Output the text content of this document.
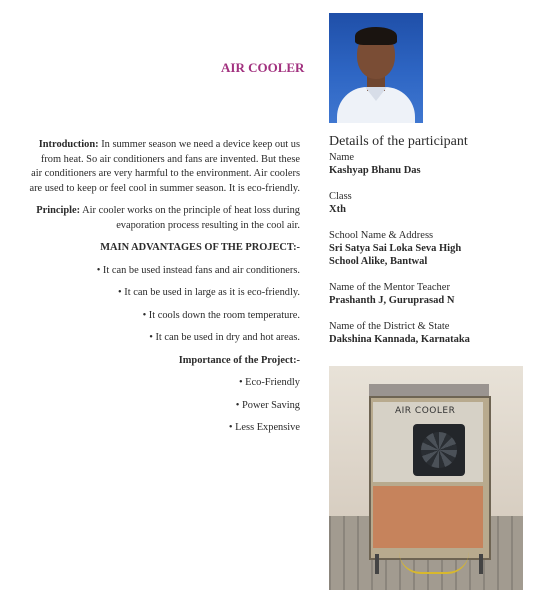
AIR COOLER

Introduction: In summer season we need a device keep out us from heat. So air conditioners and fans are invented. But these air conditioners are very harmful to the environment. Air coolers are used to keep or feel cool in summer season. It is eco-friendly.

Principle: Air cooler works on the principle of heat loss during evaporation process resulting in the cool air.

MAIN ADVANTAGES OF THE PROJECT:-
• It can be used instead fans and air conditioners.
• It can be used in large as it is eco-friendly.
• It cools down the room temperature.
• It can be used in dry and hot areas.
Importance of the Project:-
• Eco-Friendly
• Power Saving
• Less Expensive
Details of the participant

Name

Kashyap Bhanu Das

Class

Xth

School Name & Address

Sri Satya Sai Loka Seva High

School Alike, Bantwal

Name of the Mentor Teacher

Prashanth J, Guruprasad N

Name of the District & State

Dakshina Kannada, Karnataka

AIR COOLER
